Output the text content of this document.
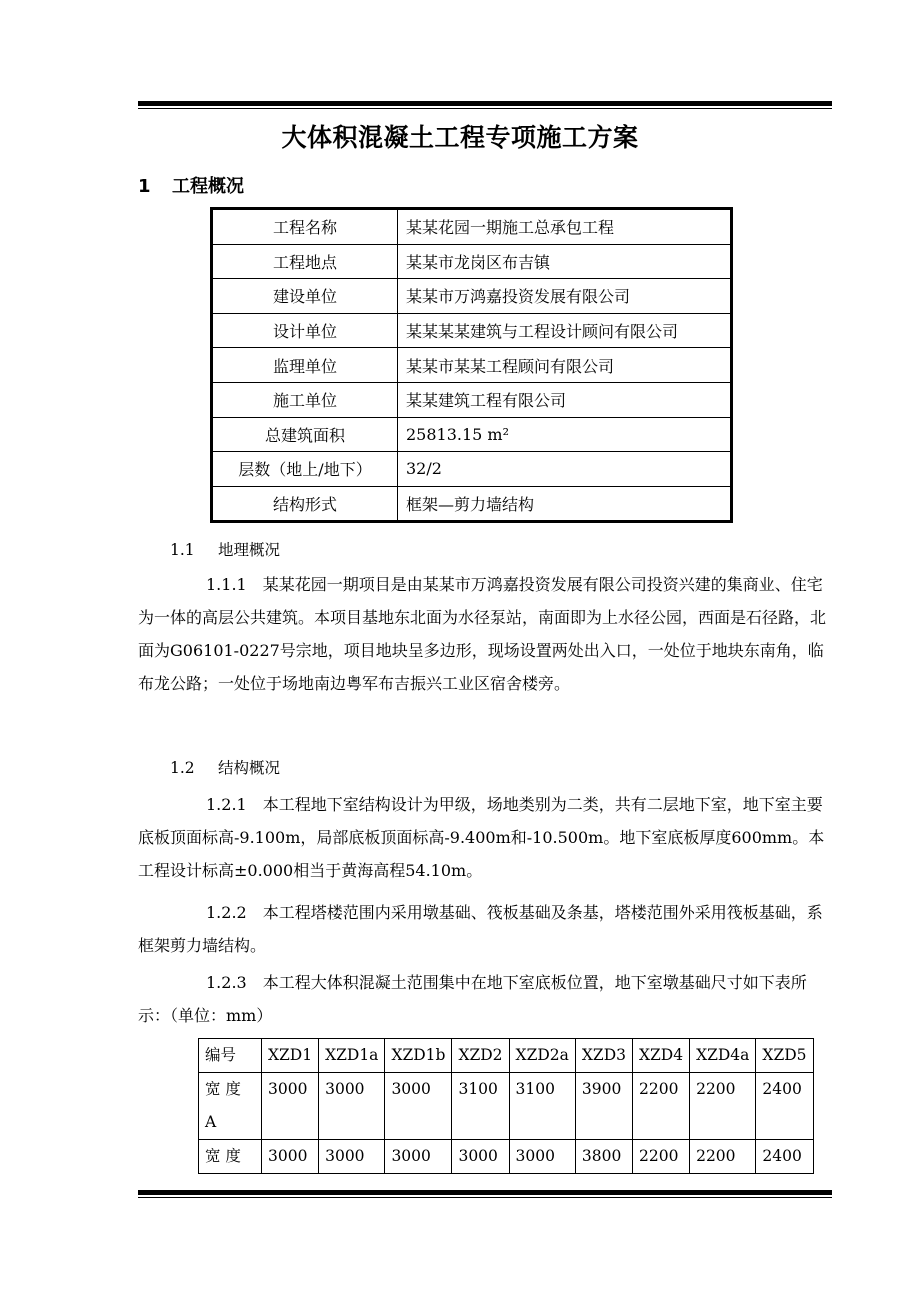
大体积混凝土工程专项施工方案
1 工程概况
工程名称	某某花园一期施工总承包工程
工程地点	某某市龙岗区布吉镇
建设单位	某某市万鸿嘉投资发展有限公司
设计单位	某某某某建筑与工程设计顾问有限公司
监理单位	某某市某某工程顾问有限公司
施工单位	某某建筑工程有限公司
总建筑面积	25813.15 m²
层数（地上/地下）	32/2
结构形式	框架—剪力墙结构
1.1 地理概况
1.1.1　某某花园一期项目是由某某市万鸿嘉投资发展有限公司投资兴建的集商业、住宅为一体的高层公共建筑。本项目基地东北面为水径泵站，南面即为上水径公园，西面是石径路，北面为G06101-0227号宗地，项目地块呈多边形，现场设置两处出入口，一处位于地块东南角，临布龙公路；一处位于场地南边粤军布吉振兴工业区宿舍楼旁。
1.2 结构概况
1.2.1　本工程地下室结构设计为甲级，场地类别为二类，共有二层地下室，地下室主要底板顶面标高-9.100m，局部底板顶面标高-9.400m和-10.500m。地下室底板厚度600mm。本工程设计标高±0.000相当于黄海高程54.10m。
1.2.2　本工程塔楼范围内采用墩基础、筏板基础及条基，塔楼范围外采用筏板基础，系框架剪力墙结构。
1.2.3　本工程大体积混凝土范围集中在地下室底板位置，地下室墩基础尺寸如下表所示：（单位：mm）
编号	XZD1	XZD1a	XZD1b	XZD2	XZD2a	XZD3	XZD4	XZD4a	XZD5

宽 度
A	3000	3000	3000	3100	3100	3900	2200	2200	2400

宽 度	3000	3000	3000	3000	3000	3800	2200	2200	2400
